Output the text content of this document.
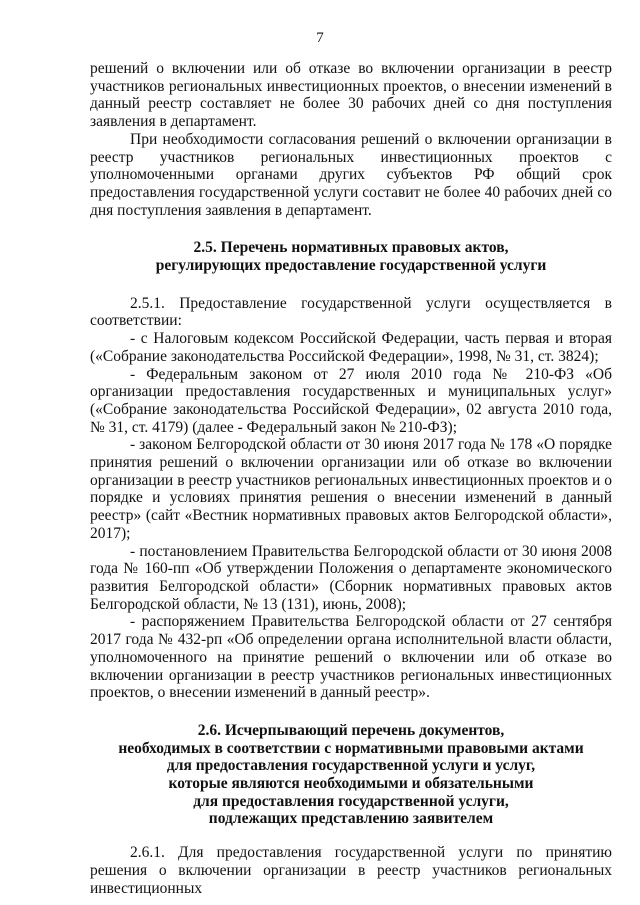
7

решений о включении или об отказе во включении организации в реестр участников региональных инвестиционных проектов, о внесении изменений в данный реестр составляет не более 30 рабочих дней со дня поступления заявления в департамент.

При необходимости согласования решений о включении организации в реестр участников региональных инвестиционных проектов с уполномоченными органами других субъектов РФ общий срок предоставления государственной услуги составит не более 40 рабочих дней со дня поступления заявления в департамент.

2.5. Перечень нормативных правовых актов,

регулирующих предоставление государственной услуги

2.5.1. Предоставление государственной услуги осуществляется в соответствии:

- с Налоговым кодексом Российской Федерации, часть первая и вторая («Собрание законодательства Российской Федерации», 1998, № 31, ст. 3824);

- Федеральным законом от 27 июля 2010 года № 210-ФЗ «Об организации предоставления государственных и муниципальных услуг» («Собрание законодательства Российской Федерации», 02 августа 2010 года, № 31, ст. 4179) (далее - Федеральный закон № 210-ФЗ);

- законом Белгородской области от 30 июня 2017 года № 178 «О порядке принятия решений о включении организации или об отказе во включении организации в реестр участников региональных инвестиционных проектов и о порядке и условиях принятия решения о внесении изменений в данный реестр» (сайт «Вестник нормативных правовых актов Белгородской области», 2017);

- постановлением Правительства Белгородской области от 30 июня 2008 года № 160-пп «Об утверждении Положения о департаменте экономического развития Белгородской области» (Сборник нормативных правовых актов Белгородской области, № 13 (131), июнь, 2008);

- распоряжением Правительства Белгородской области от 27 сентября 2017 года № 432-рп «Об определении органа исполнительной власти области, уполномоченного на принятие решений о включении или об отказе во включении организации в реестр участников региональных инвестиционных проектов, о внесении изменений в данный реестр».

2.6. Исчерпывающий перечень документов,

необходимых в соответствии с нормативными правовыми актами

для предоставления государственной услуги и услуг,

которые являются необходимыми и обязательными

для предоставления государственной услуги,

подлежащих представлению заявителем

2.6.1. Для предоставления государственной услуги по принятию решения о включении организации в реестр участников региональных инвестиционных
